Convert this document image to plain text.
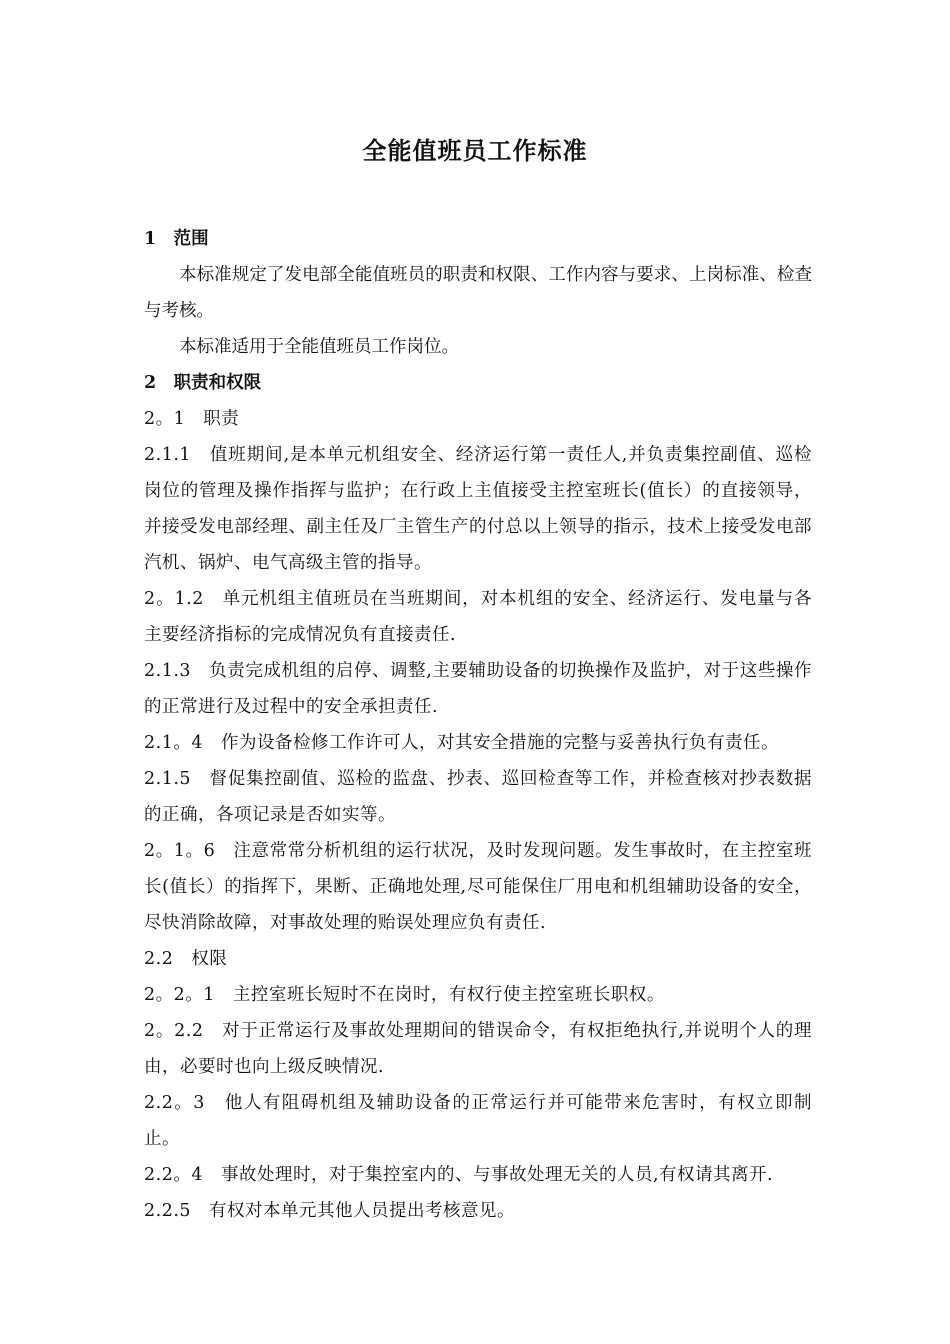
全能值班员工作标准

1　范围

本标准规定了发电部全能值班员的职责和权限、工作内容与要求、上岗标准、检查与考核。

本标准适用于全能值班员工作岗位。

2　职责和权限

2。1　职责

2.1.1　值班期间,是本单元机组安全、经济运行第一责任人,并负责集控副值、巡检岗位的管理及操作指挥与监护；在行政上主值接受主控室班长(值长）的直接领导，并接受发电部经理、副主任及厂主管生产的付总以上领导的指示，技术上接受发电部汽机、锅炉、电气高级主管的指导。

2。1.2　单元机组主值班员在当班期间，对本机组的安全、经济运行、发电量与各主要经济指标的完成情况负有直接责任.

2.1.3　负责完成机组的启停、调整,主要辅助设备的切换操作及监护，对于这些操作的正常进行及过程中的安全承担责任.

2.1。4　作为设备检修工作许可人，对其安全措施的完整与妥善执行负有责任。

2.1.5　督促集控副值、巡检的监盘、抄表、巡回检查等工作，并检查核对抄表数据的正确，各项记录是否如实等。

2。1。6　注意常常分析机组的运行状况，及时发现问题。发生事故时，在主控室班长(值长）的指挥下，果断、正确地处理,尽可能保住厂用电和机组辅助设备的安全，尽快消除故障，对事故处理的贻误处理应负有责任.

2.2　权限

2。2。1　主控室班长短时不在岗时，有权行使主控室班长职权。

2。2.2　对于正常运行及事故处理期间的错误命令，有权拒绝执行,并说明个人的理由，必要时也向上级反映情况.

2.2。3　他人有阻碍机组及辅助设备的正常运行并可能带来危害时，有权立即制止。

2.2。4　事故处理时，对于集控室内的、与事故处理无关的人员,有权请其离开.

2.2.5　有权对本单元其他人员提出考核意见。
